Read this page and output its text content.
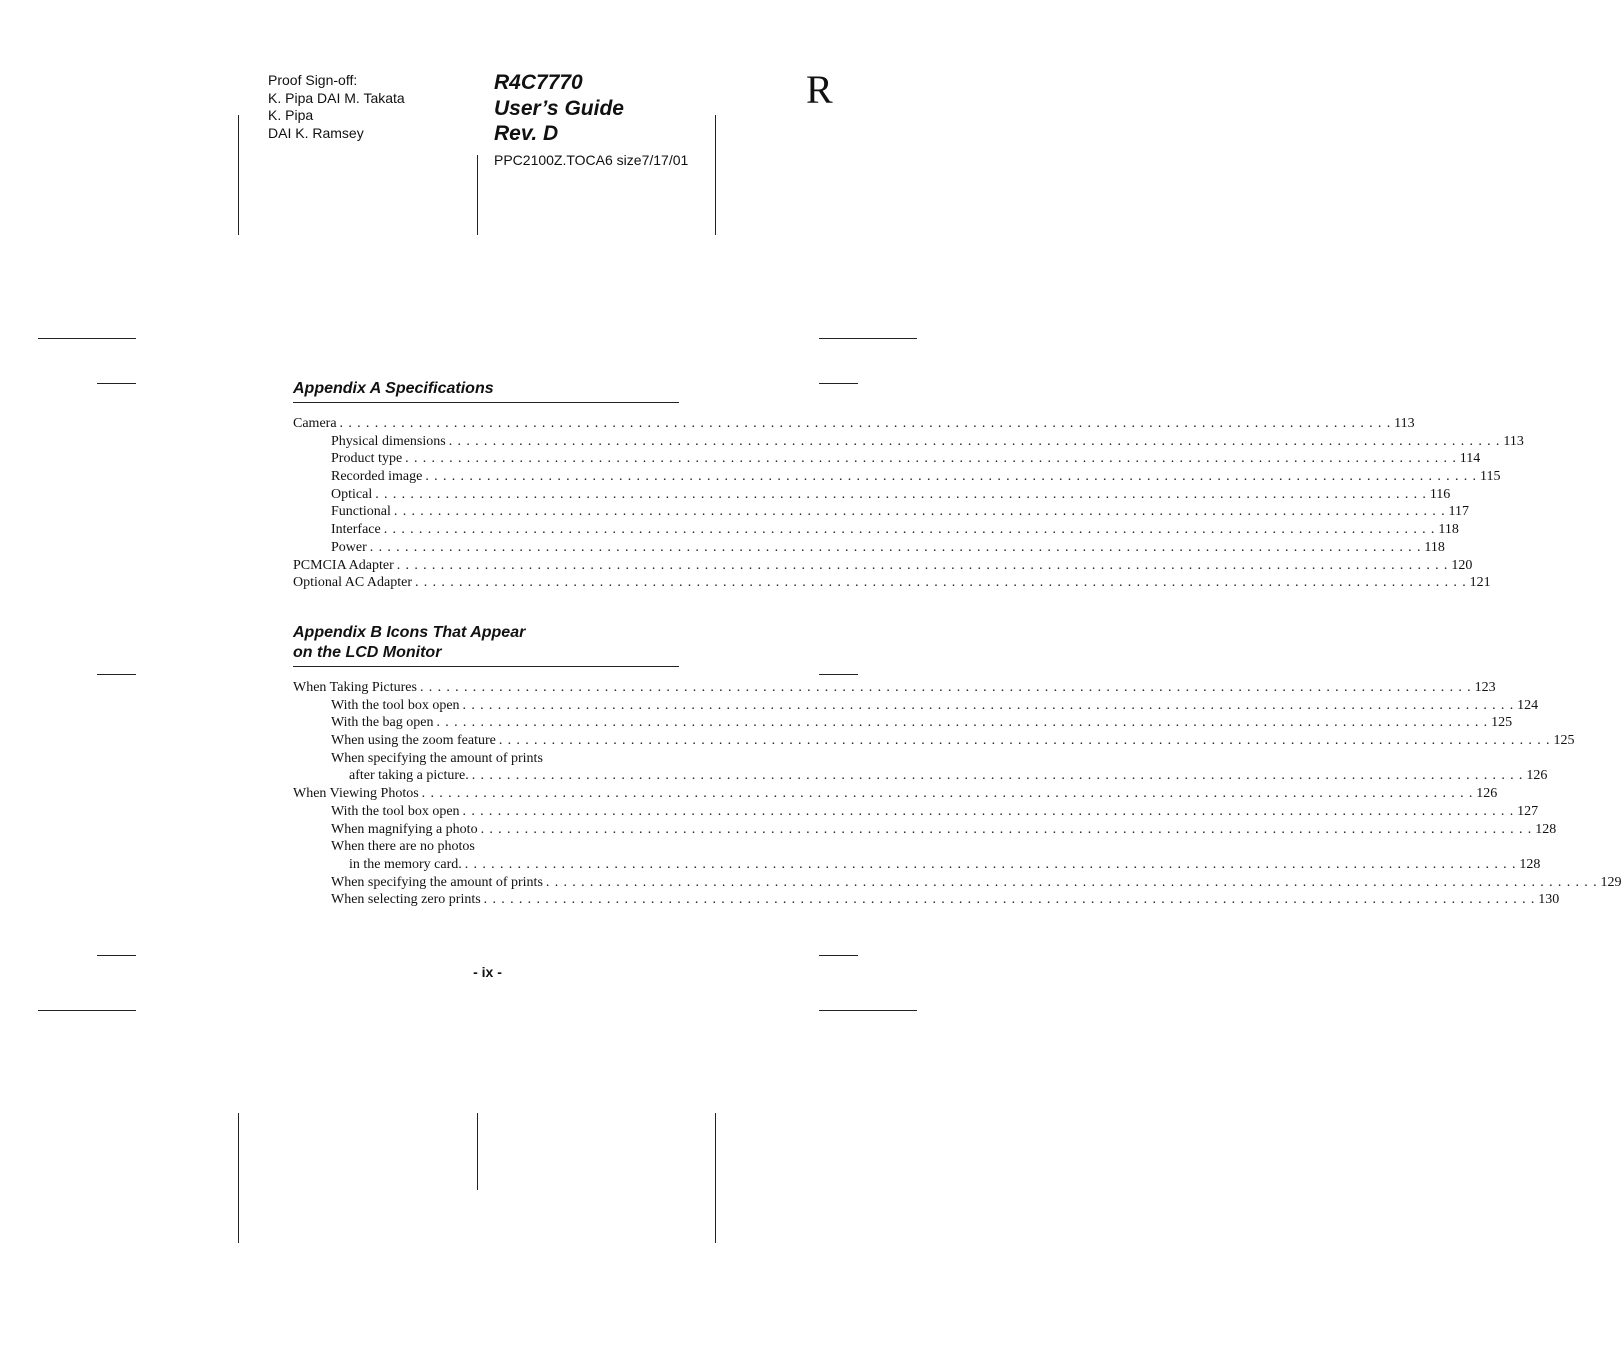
Proof Sign-off:
K. Pipa DAI M. Takata
K. Pipa
DAI K. Ramsey
R4C7770
User’s Guide
Rev. D
PPC2100Z.TOCA6 size7/17/01
R
Appendix A Specifications
Camera . . . . . . . . . . . . . . . . . . . . . . . . . . . . . . . . . . . . . . . . . . . . . . . . . . . . . . . . . . . . . . . . . . . . . . . . . . . . . . . . . . . . . . . . . . . . . . . . . . . . . . . . . . . . . . . . . . . . . . . . 113
Physical dimensions . . . . . . . . . . . . . . . . . . . . . . . . . . . . . . . . . . . . . . . . . . . . . . . . . . . . . . . . . . . . . . . . . . . . . . . . . . . . . . . . . . . . . . . . . . . . . . . . . . . . . . . . . . . . . . . . . . . . . . . . 113
Product type . . . . . . . . . . . . . . . . . . . . . . . . . . . . . . . . . . . . . . . . . . . . . . . . . . . . . . . . . . . . . . . . . . . . . . . . . . . . . . . . . . . . . . . . . . . . . . . . . . . . . . . . . . . . . . . . . . . . . . . . 114
Recorded image . . . . . . . . . . . . . . . . . . . . . . . . . . . . . . . . . . . . . . . . . . . . . . . . . . . . . . . . . . . . . . . . . . . . . . . . . . . . . . . . . . . . . . . . . . . . . . . . . . . . . . . . . . . . . . . . . . . . . . . . 115
Optical . . . . . . . . . . . . . . . . . . . . . . . . . . . . . . . . . . . . . . . . . . . . . . . . . . . . . . . . . . . . . . . . . . . . . . . . . . . . . . . . . . . . . . . . . . . . . . . . . . . . . . . . . . . . . . . . . . . . . . . . 116
Functional . . . . . . . . . . . . . . . . . . . . . . . . . . . . . . . . . . . . . . . . . . . . . . . . . . . . . . . . . . . . . . . . . . . . . . . . . . . . . . . . . . . . . . . . . . . . . . . . . . . . . . . . . . . . . . . . . . . . . . . . 117
Interface . . . . . . . . . . . . . . . . . . . . . . . . . . . . . . . . . . . . . . . . . . . . . . . . . . . . . . . . . . . . . . . . . . . . . . . . . . . . . . . . . . . . . . . . . . . . . . . . . . . . . . . . . . . . . . . . . . . . . . . . 118
Power . . . . . . . . . . . . . . . . . . . . . . . . . . . . . . . . . . . . . . . . . . . . . . . . . . . . . . . . . . . . . . . . . . . . . . . . . . . . . . . . . . . . . . . . . . . . . . . . . . . . . . . . . . . . . . . . . . . . . . . . 118
PCMCIA Adapter . . . . . . . . . . . . . . . . . . . . . . . . . . . . . . . . . . . . . . . . . . . . . . . . . . . . . . . . . . . . . . . . . . . . . . . . . . . . . . . . . . . . . . . . . . . . . . . . . . . . . . . . . . . . . . . . . . . . . . . . 120
Optional AC Adapter . . . . . . . . . . . . . . . . . . . . . . . . . . . . . . . . . . . . . . . . . . . . . . . . . . . . . . . . . . . . . . . . . . . . . . . . . . . . . . . . . . . . . . . . . . . . . . . . . . . . . . . . . . . . . . . . . . . . . . . . 121
Appendix B Icons That Appear
on the LCD Monitor
When Taking Pictures . . . . . . . . . . . . . . . . . . . . . . . . . . . . . . . . . . . . . . . . . . . . . . . . . . . . . . . . . . . . . . . . . . . . . . . . . . . . . . . . . . . . . . . . . . . . . . . . . . . . . . . . . . . . . . . . . . . . . . . . 123
With the tool box open . . . . . . . . . . . . . . . . . . . . . . . . . . . . . . . . . . . . . . . . . . . . . . . . . . . . . . . . . . . . . . . . . . . . . . . . . . . . . . . . . . . . . . . . . . . . . . . . . . . . . . . . . . . . . . . . . . . . . . . . 124
With the bag open . . . . . . . . . . . . . . . . . . . . . . . . . . . . . . . . . . . . . . . . . . . . . . . . . . . . . . . . . . . . . . . . . . . . . . . . . . . . . . . . . . . . . . . . . . . . . . . . . . . . . . . . . . . . . . . . . . . . . . . . 125
When using the zoom feature . . . . . . . . . . . . . . . . . . . . . . . . . . . . . . . . . . . . . . . . . . . . . . . . . . . . . . . . . . . . . . . . . . . . . . . . . . . . . . . . . . . . . . . . . . . . . . . . . . . . . . . . . . . . . . . . . . . . . . . . 125
When specifying the amount of prints
after taking a picture. . . . . . . . . . . . . . . . . . . . . . . . . . . . . . . . . . . . . . . . . . . . . . . . . . . . . . . . . . . . . . . . . . . . . . . . . . . . . . . . . . . . . . . . . . . . . . . . . . . . . . . . . . . . . . . . . . . . . . . . . 126
When Viewing Photos . . . . . . . . . . . . . . . . . . . . . . . . . . . . . . . . . . . . . . . . . . . . . . . . . . . . . . . . . . . . . . . . . . . . . . . . . . . . . . . . . . . . . . . . . . . . . . . . . . . . . . . . . . . . . . . . . . . . . . . . 126
With the tool box open . . . . . . . . . . . . . . . . . . . . . . . . . . . . . . . . . . . . . . . . . . . . . . . . . . . . . . . . . . . . . . . . . . . . . . . . . . . . . . . . . . . . . . . . . . . . . . . . . . . . . . . . . . . . . . . . . . . . . . . . 127
When magnifying a photo . . . . . . . . . . . . . . . . . . . . . . . . . . . . . . . . . . . . . . . . . . . . . . . . . . . . . . . . . . . . . . . . . . . . . . . . . . . . . . . . . . . . . . . . . . . . . . . . . . . . . . . . . . . . . . . . . . . . . . . . 128
When there are no photos
in the memory card. . . . . . . . . . . . . . . . . . . . . . . . . . . . . . . . . . . . . . . . . . . . . . . . . . . . . . . . . . . . . . . . . . . . . . . . . . . . . . . . . . . . . . . . . . . . . . . . . . . . . . . . . . . . . . . . . . . . . . . . . 128
When specifying the amount of prints . . . . . . . . . . . . . . . . . . . . . . . . . . . . . . . . . . . . . . . . . . . . . . . . . . . . . . . . . . . . . . . . . . . . . . . . . . . . . . . . . . . . . . . . . . . . . . . . . . . . . . . . . . . . . . . . . . . . . . . . 129
When selecting zero prints . . . . . . . . . . . . . . . . . . . . . . . . . . . . . . . . . . . . . . . . . . . . . . . . . . . . . . . . . . . . . . . . . . . . . . . . . . . . . . . . . . . . . . . . . . . . . . . . . . . . . . . . . . . . . . . . . . . . . . . . 130
- ix -
